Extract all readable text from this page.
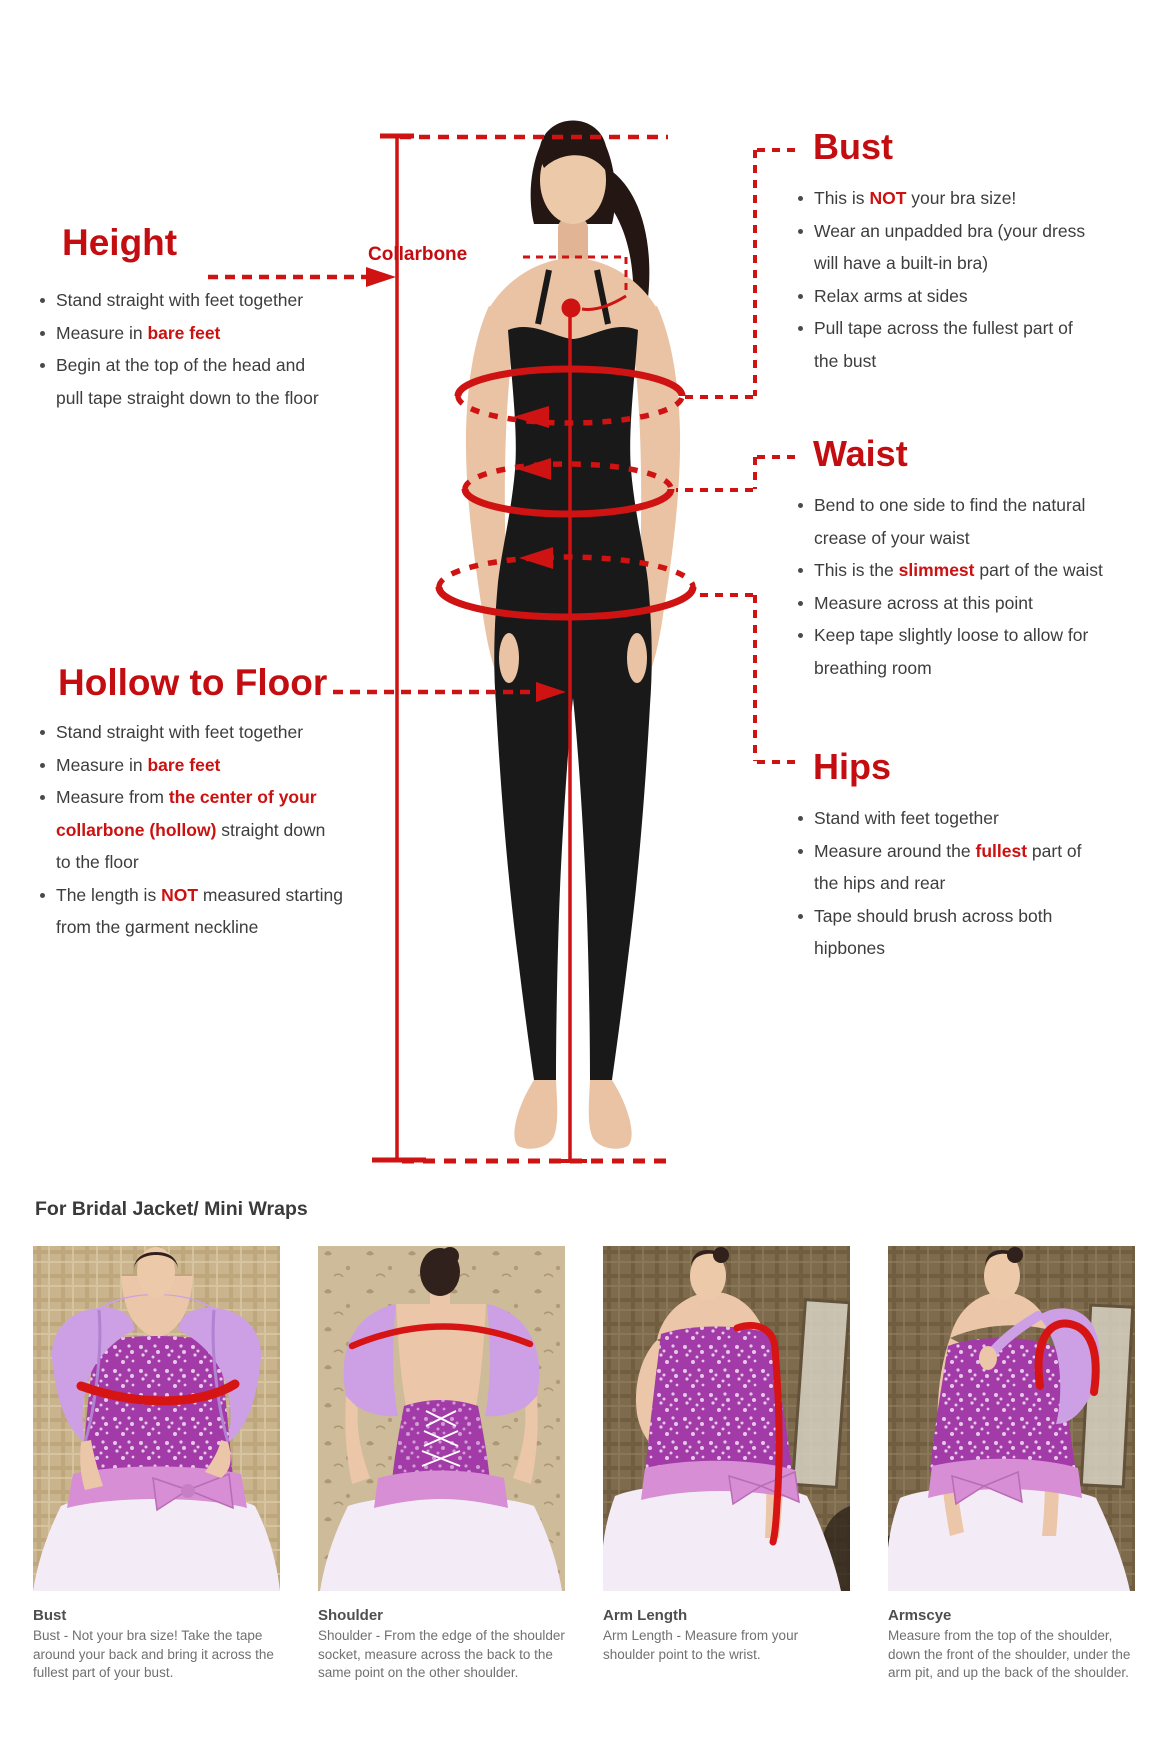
Height
Stand straight with feet together
Measure in bare feet
Begin at the top of the head and
pull tape straight down to the floor
Collarbone
Hollow to Floor
Stand straight with feet together
Measure in bare feet
Measure from the center of your
collarbone (hollow) straight down
to the floor
The length is NOT measured starting
from the garment neckline
Bust
This is NOT your bra size!
Wear an unpadded bra (your dress
will have a built-in bra)
Relax arms at sides
Pull tape across the fullest part of
the bust
Waist
Bend to one side to find the natural
crease of your waist
This is the slimmest part of the waist
Measure across at this point
Keep tape slightly loose to allow for
breathing room
Hips
Stand with feet together
Measure around the fullest part of
the hips and rear
Tape should brush across both
hipbones
For Bridal Jacket/ Mini Wraps
Bust

Bust - Not your bra size! Take the tape around your back and bring it across the fullest part of your bust.

Shoulder

Shoulder - From the edge of the shoulder socket, measure across the back to the same point on the other shoulder.

Arm Length

Arm Length - Measure from your shoulder point to the wrist.

Armscye

Measure from the top of the shoulder, down the front of the shoulder, under the arm pit, and up the back of the shoulder.
